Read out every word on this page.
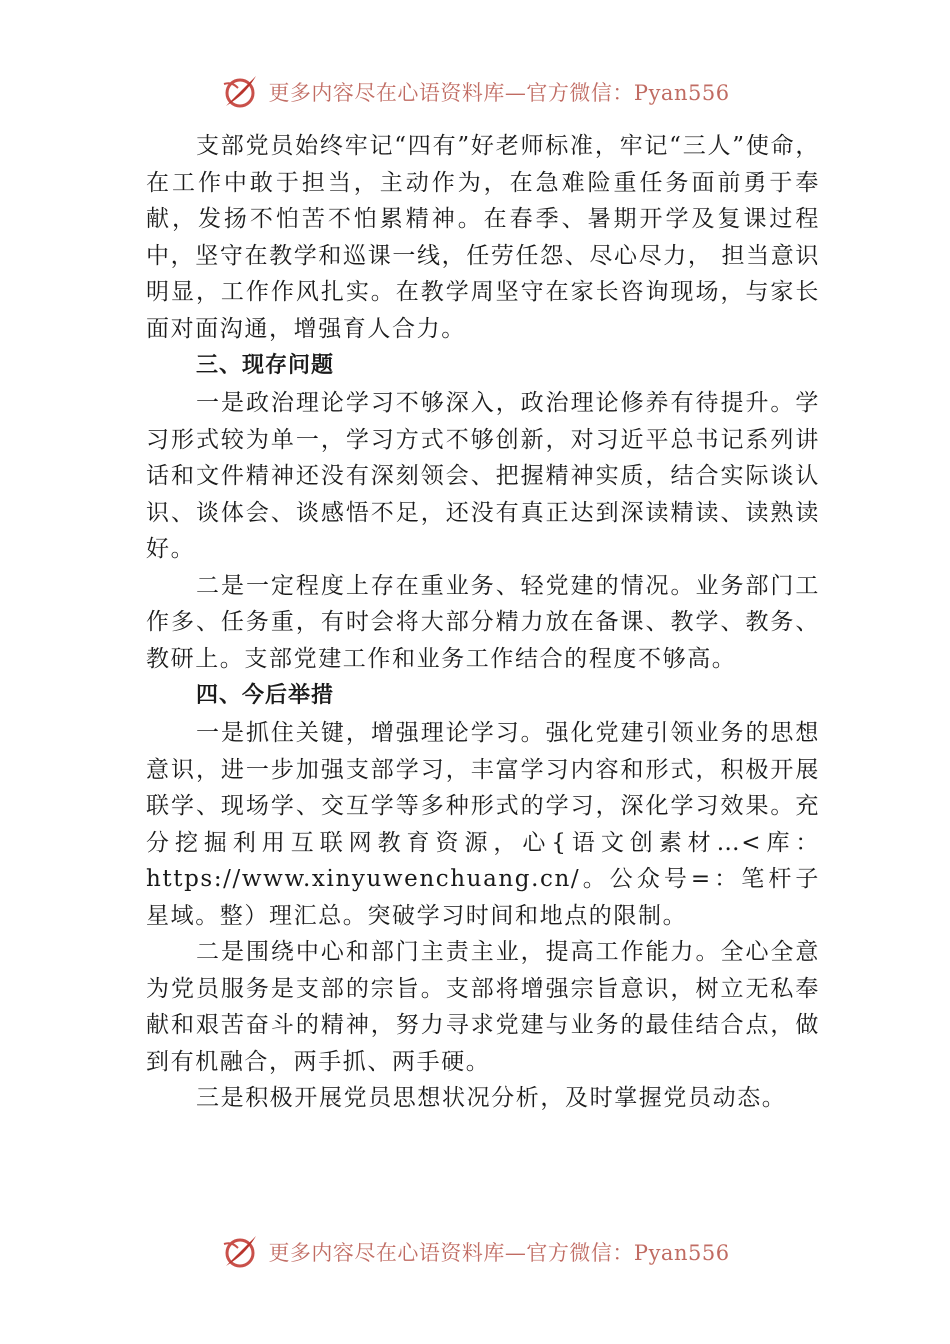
更多内容尽在心语资料库—官方微信：Pyan556

支部党员始终牢记“四有”好老师标准，牢记“三人”使命，在工作中敢于担当，主动作为，在急难险重任务面前勇于奉献，发扬不怕苦不怕累精神。在春季、暑期开学及复课过程中，坚守在教学和巡课一线，任劳任怨、尽心尽力， 担当意识明显，工作作风扎实。在教学周坚守在家长咨询现场，与家长面对面沟通，增强育人合力。

三、现存问题

一是政治理论学习不够深入，政治理论修养有待提升。学习形式较为单一，学习方式不够创新，对习近平总书记系列讲话和文件精神还没有深刻领会、把握精神实质，结合实际谈认识、谈体会、谈感悟不足，还没有真正达到深读精读、读熟读好。

二是一定程度上存在重业务、轻党建的情况。业务部门工作多、任务重，有时会将大部分精力放在备课、教学、教务、教研上。支部党建工作和业务工作结合的程度不够高。

四、今后举措

一是抓住关键，增强理论学习。强化党建引领业务的思想意识，进一步加强支部学习，丰富学习内容和形式，积极开展联学、现场学、交互学等多种形式的学习，深化学习效果。充分挖掘利用互联网教育资源，心{语文创素材…<库：https://www.xinyuwenchuang.cn/。公众号=：笔杆子星域。整）理汇总。突破学习时间和地点的限制。

二是围绕中心和部门主责主业，提高工作能力。全心全意为党员服务是支部的宗旨。支部将增强宗旨意识，树立无私奉献和艰苦奋斗的精神，努力寻求党建与业务的最佳结合点，做到有机融合，两手抓、两手硬。

三是积极开展党员思想状况分析，及时掌握党员动态。

更多内容尽在心语资料库—官方微信：Pyan556
